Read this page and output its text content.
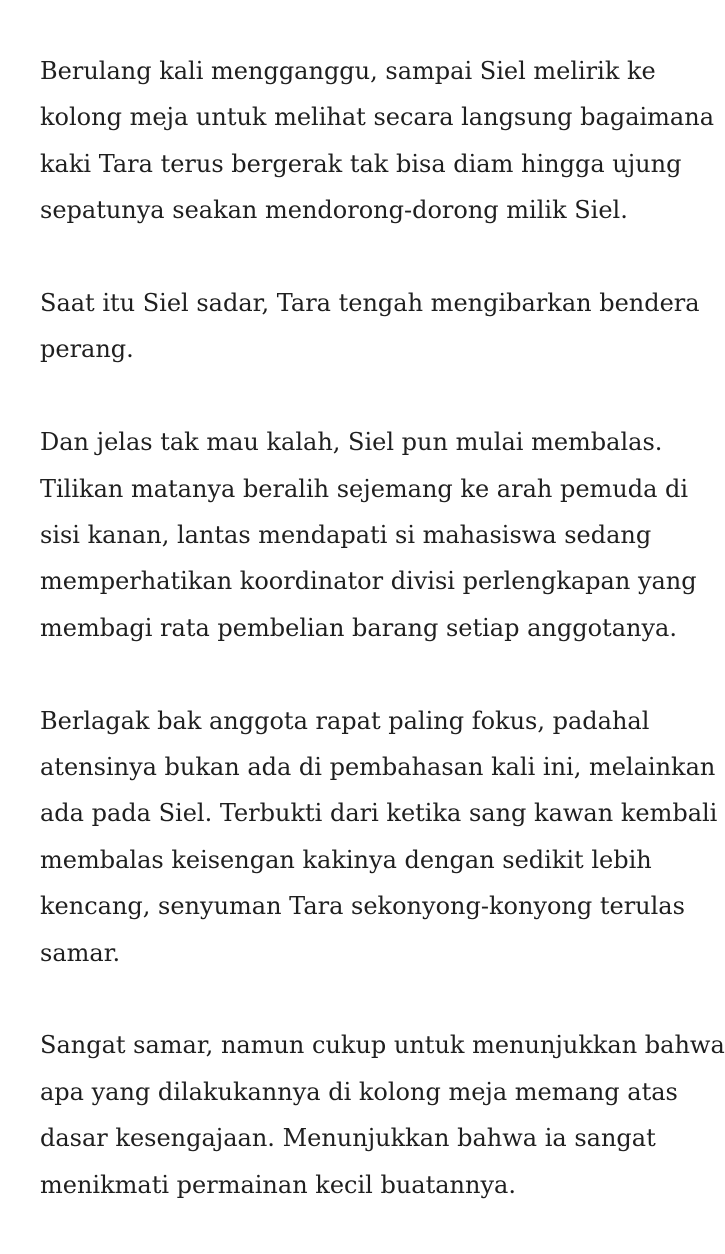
Berulang kali mengganggu, sampai Siel melirik ke
kolong meja untuk melihat secara langsung bagaimana
kaki Tara terus bergerak tak bisa diam hingga ujung
sepatunya seakan mendorong-dorong milik Siel.

Saat itu Siel sadar, Tara tengah mengibarkan bendera
perang.

Dan jelas tak mau kalah, Siel pun mulai membalas.
Tilikan matanya beralih sejemang ke arah pemuda di
sisi kanan, lantas mendapati si mahasiswa sedang
memperhatikan koordinator divisi perlengkapan yang
membagi rata pembelian barang setiap anggotanya.

Berlagak bak anggota rapat paling fokus, padahal
atensinya bukan ada di pembahasan kali ini, melainkan
ada pada Siel. Terbukti dari ketika sang kawan kembali
membalas keisengan kakinya dengan sedikit lebih
kencang, senyuman Tara sekonyong-konyong terulas
samar.

Sangat samar, namun cukup untuk menunjukkan bahwa
apa yang dilakukannya di kolong meja memang atas
dasar kesengajaan. Menunjukkan bahwa ia sangat
menikmati permainan kecil buatannya.
